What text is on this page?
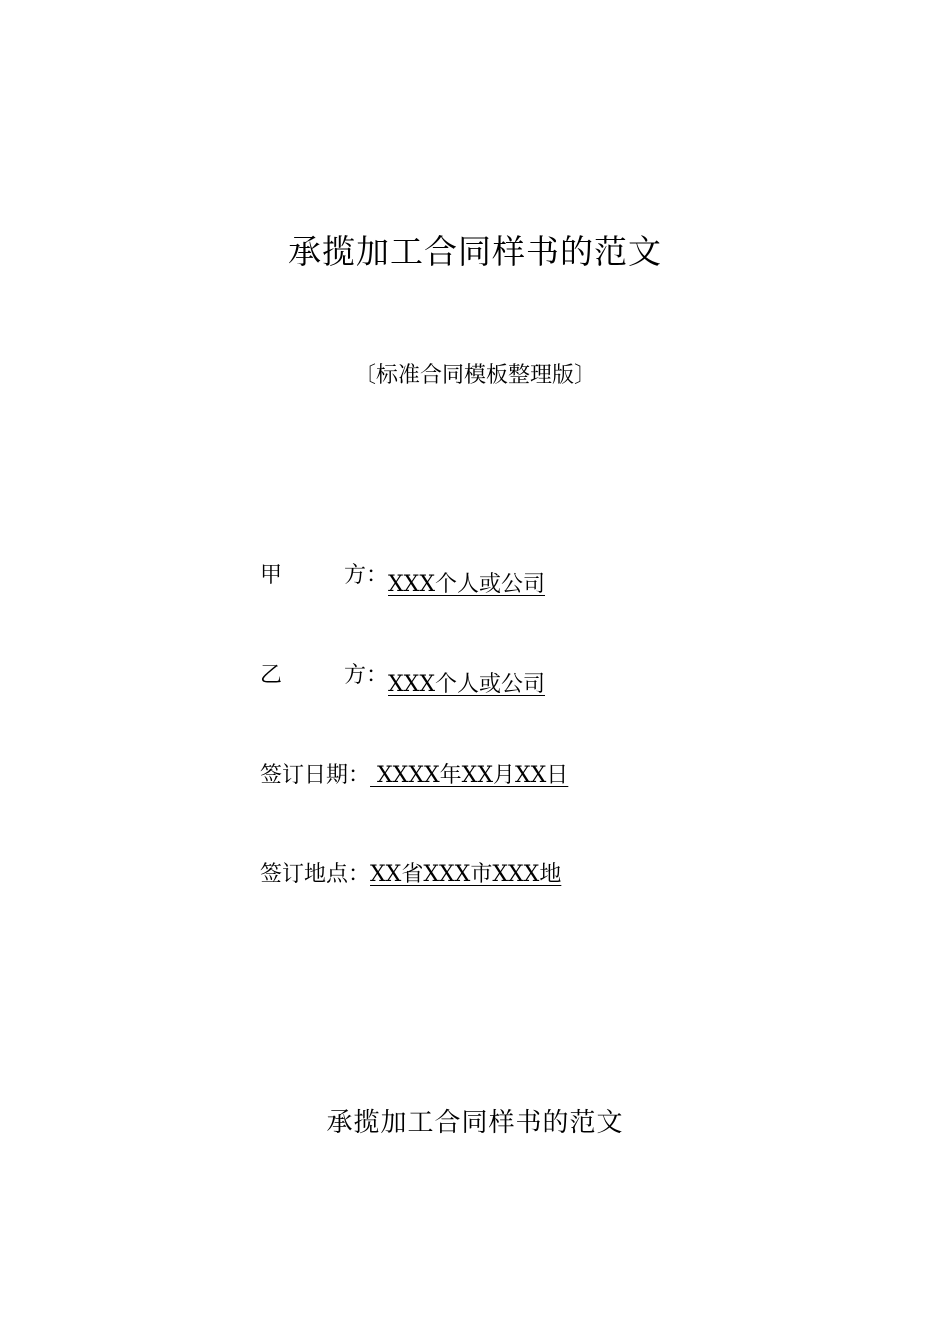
承揽加工合同样书的范文
〔标准合同模板整理版〕
甲	方： XXX个人或公司
乙	方： XXX个人或公司
签订日期： XXXX年XX月XX日
签订地点：XX省XXX市XXX地
承揽加工合同样书的范文
